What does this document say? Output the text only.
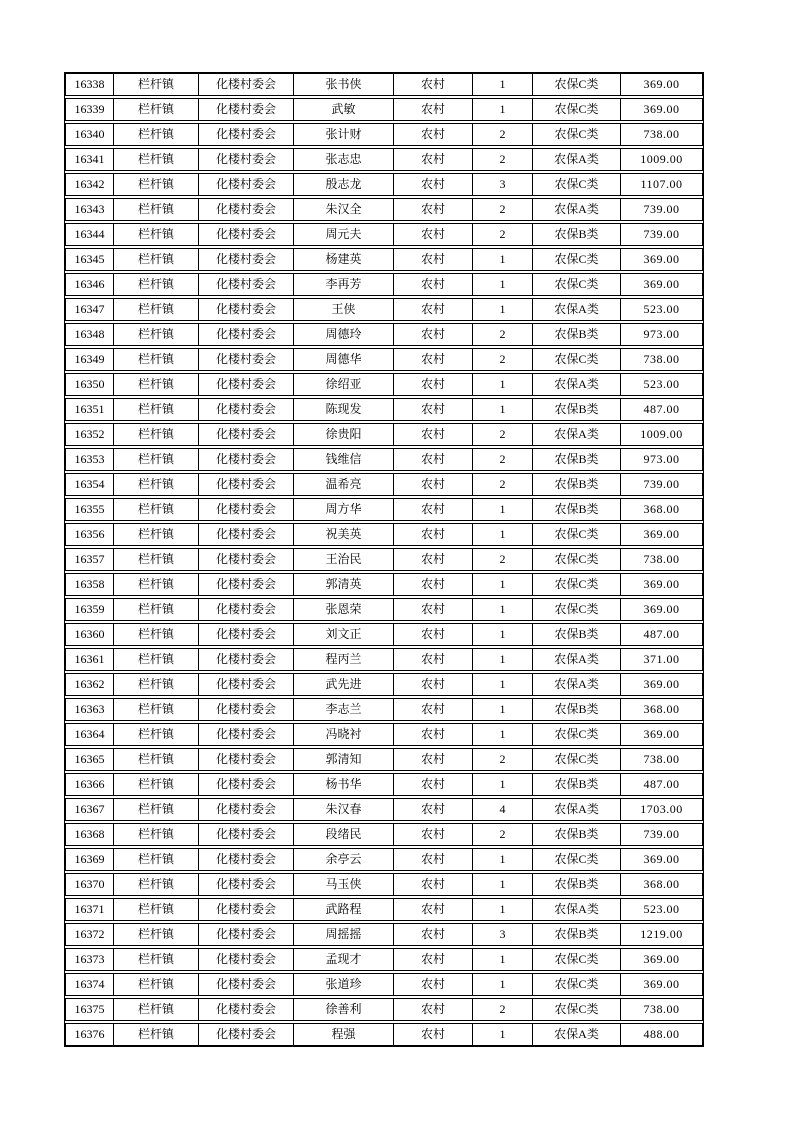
16338	栏杆镇	化楼村委会	张书侠	农村	1	农保C类	369.00
16339	栏杆镇	化楼村委会	武敏	农村	1	农保C类	369.00
16340	栏杆镇	化楼村委会	张计财	农村	2	农保C类	738.00
16341	栏杆镇	化楼村委会	张志忠	农村	2	农保A类	1009.00
16342	栏杆镇	化楼村委会	殷志龙	农村	3	农保C类	1107.00
16343	栏杆镇	化楼村委会	朱汉全	农村	2	农保A类	739.00
16344	栏杆镇	化楼村委会	周元夫	农村	2	农保B类	739.00
16345	栏杆镇	化楼村委会	杨建英	农村	1	农保C类	369.00
16346	栏杆镇	化楼村委会	李再芳	农村	1	农保C类	369.00
16347	栏杆镇	化楼村委会	王侠	农村	1	农保A类	523.00
16348	栏杆镇	化楼村委会	周德玲	农村	2	农保B类	973.00
16349	栏杆镇	化楼村委会	周德华	农村	2	农保C类	738.00
16350	栏杆镇	化楼村委会	徐绍亚	农村	1	农保A类	523.00
16351	栏杆镇	化楼村委会	陈现发	农村	1	农保B类	487.00
16352	栏杆镇	化楼村委会	徐贵阳	农村	2	农保A类	1009.00
16353	栏杆镇	化楼村委会	钱维信	农村	2	农保B类	973.00
16354	栏杆镇	化楼村委会	温希亮	农村	2	农保B类	739.00
16355	栏杆镇	化楼村委会	周方华	农村	1	农保B类	368.00
16356	栏杆镇	化楼村委会	祝美英	农村	1	农保C类	369.00
16357	栏杆镇	化楼村委会	王治民	农村	2	农保C类	738.00
16358	栏杆镇	化楼村委会	郭清英	农村	1	农保C类	369.00
16359	栏杆镇	化楼村委会	张恩荣	农村	1	农保C类	369.00
16360	栏杆镇	化楼村委会	刘文正	农村	1	农保B类	487.00
16361	栏杆镇	化楼村委会	程丙兰	农村	1	农保A类	371.00
16362	栏杆镇	化楼村委会	武先进	农村	1	农保A类	369.00
16363	栏杆镇	化楼村委会	李志兰	农村	1	农保B类	368.00
16364	栏杆镇	化楼村委会	冯晓衬	农村	1	农保C类	369.00
16365	栏杆镇	化楼村委会	郭清知	农村	2	农保C类	738.00
16366	栏杆镇	化楼村委会	杨书华	农村	1	农保B类	487.00
16367	栏杆镇	化楼村委会	朱汉春	农村	4	农保A类	1703.00
16368	栏杆镇	化楼村委会	段绪民	农村	2	农保B类	739.00
16369	栏杆镇	化楼村委会	余亭云	农村	1	农保C类	369.00
16370	栏杆镇	化楼村委会	马玉侠	农村	1	农保B类	368.00
16371	栏杆镇	化楼村委会	武路程	农村	1	农保A类	523.00
16372	栏杆镇	化楼村委会	周摇摇	农村	3	农保B类	1219.00
16373	栏杆镇	化楼村委会	孟现才	农村	1	农保C类	369.00
16374	栏杆镇	化楼村委会	张道珍	农村	1	农保C类	369.00
16375	栏杆镇	化楼村委会	徐善利	农村	2	农保C类	738.00
16376	栏杆镇	化楼村委会	程强	农村	1	农保A类	488.00
